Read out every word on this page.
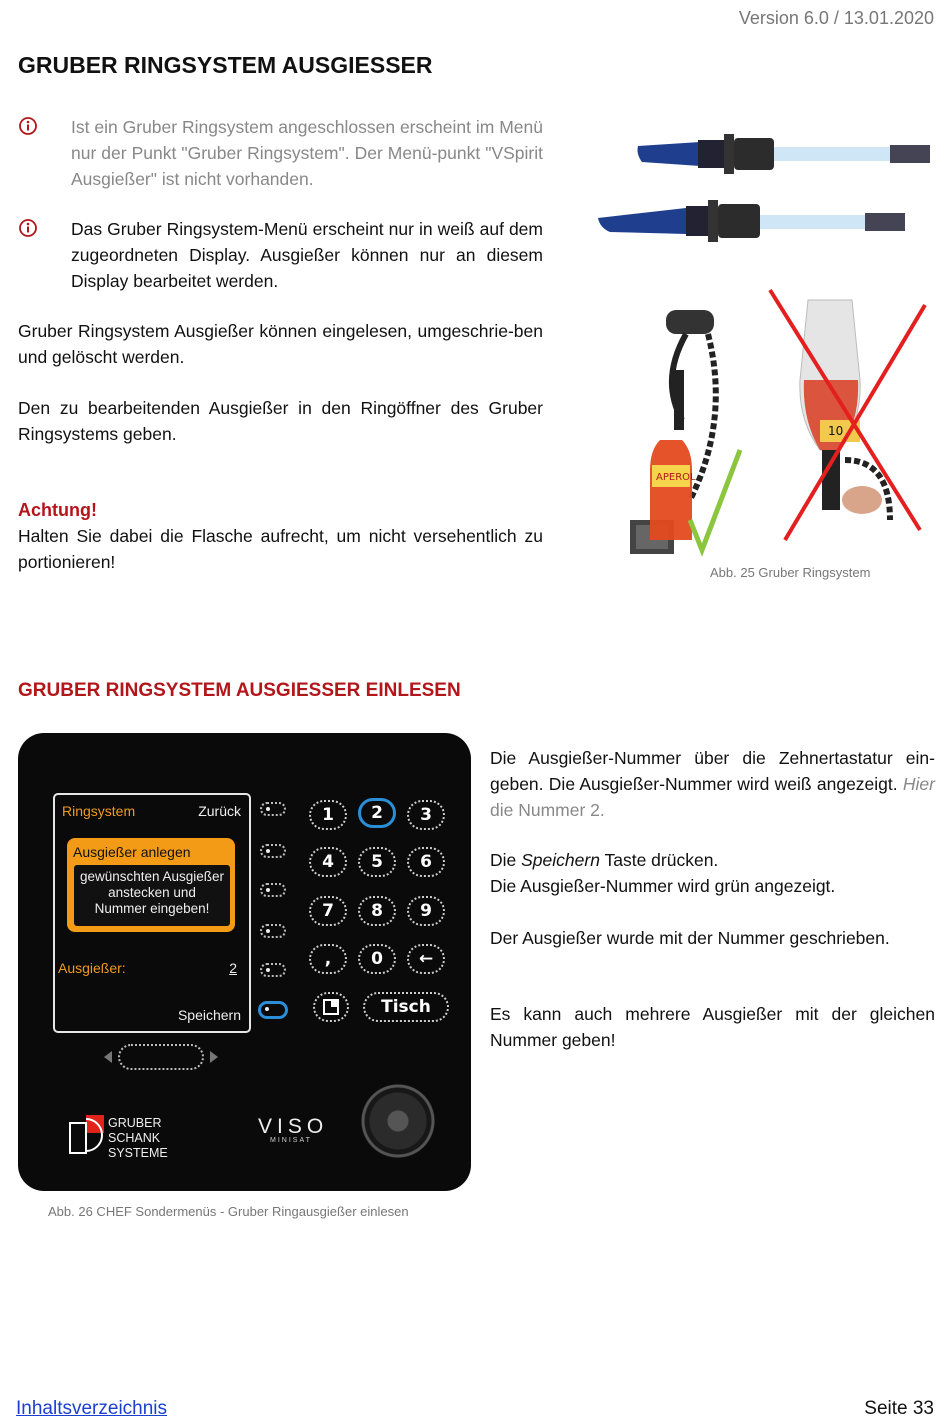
Version 6.0 / 13.01.2020
GRUBER RINGSYSTEM AUSGIESSER
Ist ein Gruber Ringsystem angeschlossen erscheint im Menü nur der Punkt "Gruber Ringsystem". Der Menü-punkt "VSpirit Ausgießer" ist nicht vorhanden.
Das Gruber Ringsystem-Menü erscheint nur in weiß auf dem zugeordneten Display. Ausgießer können nur an diesem Display bearbeitet werden.
Gruber Ringsystem Ausgießer können eingelesen, umgeschrie-ben und gelöscht werden.
Den zu bearbeitenden Ausgießer in den Ringöffner des Gruber Ringsystems geben.
Achtung!
Halten Sie dabei die Flasche aufrecht, um nicht versehentlich zu portionieren!
APEROL
10
Abb. 25 Gruber Ringsystem
GRUBER RINGSYSTEM AUSGIESSER EINLESEN
Ringsystem	Zurück
Ausgießer anlegen
gewünschten Ausgießer
anstecken und
Nummer eingeben!
Ausgießer:	2
Speichern
1	2	3
4	5	6
7	8	9
,	0	←
Tisch
GRUBER
SCHANK
SYSTEME
VISO
MINISAT
Abb. 26 CHEF Sondermenüs - Gruber Ringausgießer einlesen
Die Ausgießer-Nummer über die Zehnertastatur ein-geben. Die Ausgießer-Nummer wird weiß angezeigt. Hier die Nummer 2.
Die Speichern Taste drücken.
Die Ausgießer-Nummer wird grün angezeigt.
Der Ausgießer wurde mit der Nummer geschrieben.
Es kann auch mehrere Ausgießer mit der gleichen Nummer geben!
Inhaltsverzeichnis	Seite 33
